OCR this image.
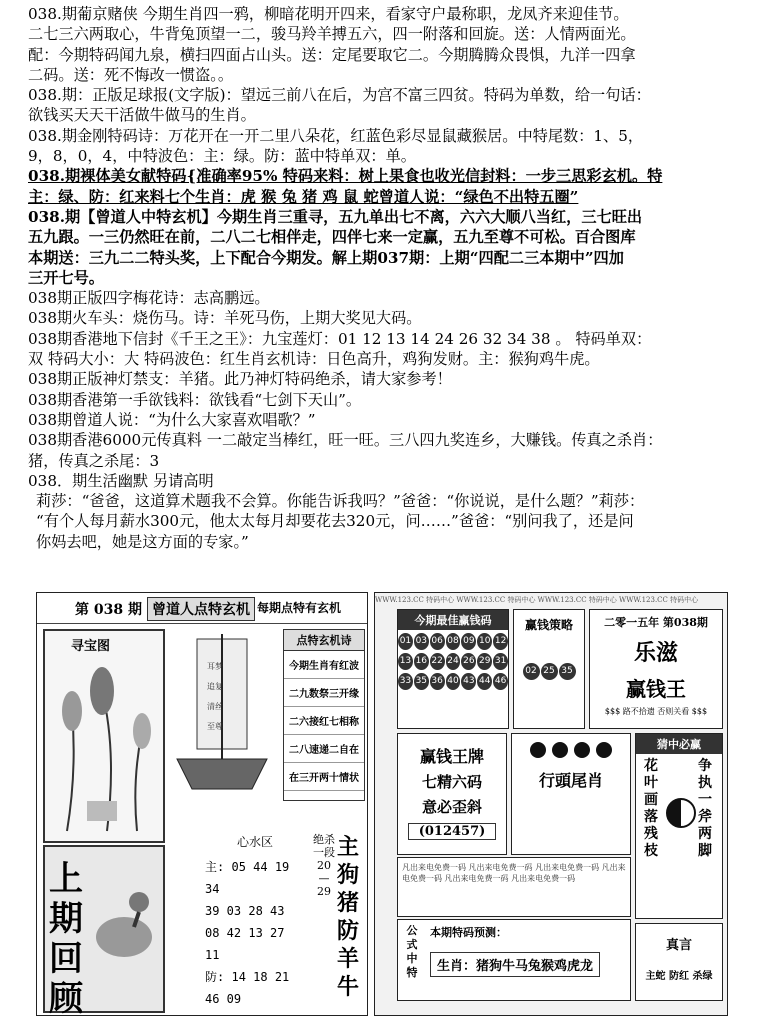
038.期葡京赌侠 今期生肖四一鸦，柳暗花明开四来，看家守户最称职，龙凤齐来迎佳节。
二七三六两取心，牛背兔顶望一二，骏马羚羊搏五六，四一附落和回旋。送：人情两面光。
配：今期特码闻九泉，横扫四面占山头。送：定尾要取它二。今期腾腾众畏惧，九洋一四拿
二码。送：死不悔改一惯盗。。
038.期：正版足球报(文字版)：望远三前八在后，为宫不富三四贫。特码为单数，给一句话：
欲钱买天天干活做牛做马的生肖。
038.期金刚特码诗：万花开在一开二里八朵花，红蓝色彩尽显鼠藏猴居。中特尾数：1、5，
9，8，0，4，中特波色：主：绿。防：蓝中特单双：单。
038.期裸体美女献特码{准确率95% 特码来料：树上果食也收光信封料：一步三思彩玄机。特
主：绿、防：红来料七个生肖：虎 猴 兔 猪 鸡 鼠 蛇曾道人说：“绿色不出特五圈”
038.期【曾道人中特玄机】今期生肖三重寻，五九单出七不离，六六大顺八当红，三七旺出
五九跟。一三仍然旺在前，二八二七相伴走，四伴七来一定赢，五九至尊不可松。百合图库
本期送：三九二二特头奖，上下配合今期发。解上期037期：上期“四配二三本期中”四加
三开七号。
038期正版四字梅花诗：志高鹏远。
038期火车头：烧伤马。诗：羊死马伤，上期大奖见大码。
038期香港地下信封《千王之王》：九宝莲灯：01 12 13 14 24 26 32 34 38 。 特码单双：
双 特码大小：大 特码波色：红生肖玄机诗：日色高升，鸡狗发财。主：猴狗鸡牛虎。
038期正版神灯禁支：羊猪。此乃神灯特码绝杀，请大家参考！
038期香港第一手欲钱料：欲钱看“七剑下天山”。
038期曾道人说：“为什么大家喜欢唱歌？”
038期香港6000元传真料 一二敲定当棒红，旺一旺。三八四九奖连乡，大赚钱。传真之杀肖：
猪，传真之杀尾：3
038．期生活幽默 另请高明
莉莎：“爸爸，这道算术题我不会算。你能告诉我吗？”爸爸：“你说说，是什么题？”莉莎：
“有个人每月薪水300元，他太太每月却要花去320元，问……”爸爸：“别问我了，还是问
你妈去吧，她是这方面的专家。”
第 038 期 曾道人点特玄机 每期点特有玄机
寻宝图
上期回顾
耳梦
追复
清丝
至尊
点特玄机诗
今期生肖有红波
二九数祭三开缘
二六接红七相称
二八速递二自在
在三开两十情状
心水区
主: 05 44 19 34
39 03 28 43
08 42 13 27 11
防: 14 18 21 46 09
绝杀一段20—29
主狗猪防羊牛
WWW.123.CC 特码中心 WWW.123.CC 特码中心 WWW.123.CC 特码中心 WWW.123.CC 特码中心
今期最佳赢钱码
01 03 06 08 09 10 12
13 16 22 24 26 29 31
33 35 36 40 43 44 46
赢钱策略
02 25 35
二零一五年 第038期
乐滋
赢钱王
$$$ 路不拾遗 否则关看 $$$
赢钱王牌
七精六码
意必歪斜
(012457)
行頭尾肖
猜中必赢
花叶画落残枝
争执一斧两脚
凡出来电免费一码 凡出来电免费一码 凡出来电免费一码 凡出来电免费一码 凡出来电免费一码 凡出来电免费一码
公式中特
本期特码预测：
生肖：猪狗牛马兔猴鸡虎龙
真言
主蛇 防红 杀绿
